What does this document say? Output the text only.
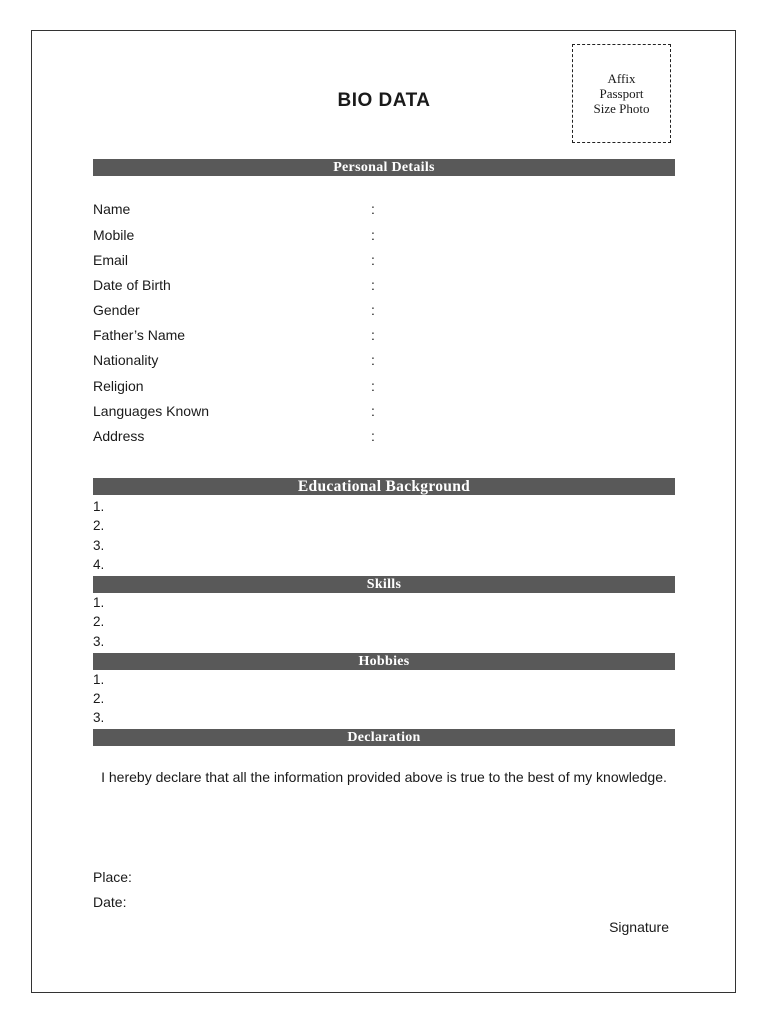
Affix
Passport
Size Photo
BIO DATA
Personal Details
Name	:
Mobile	:
Email	:
Date of Birth	:
Gender	:
Father’s Name	:
Nationality	:
Religion	:
Languages Known	:
Address	:
Educational Background
1.
2.
3.
4.
Skills
1.
2.
3.
Hobbies
1.
2.
3.
Declaration
I hereby declare that all the information provided above is true to the best of my knowledge.
Place:
Date:
Signature
